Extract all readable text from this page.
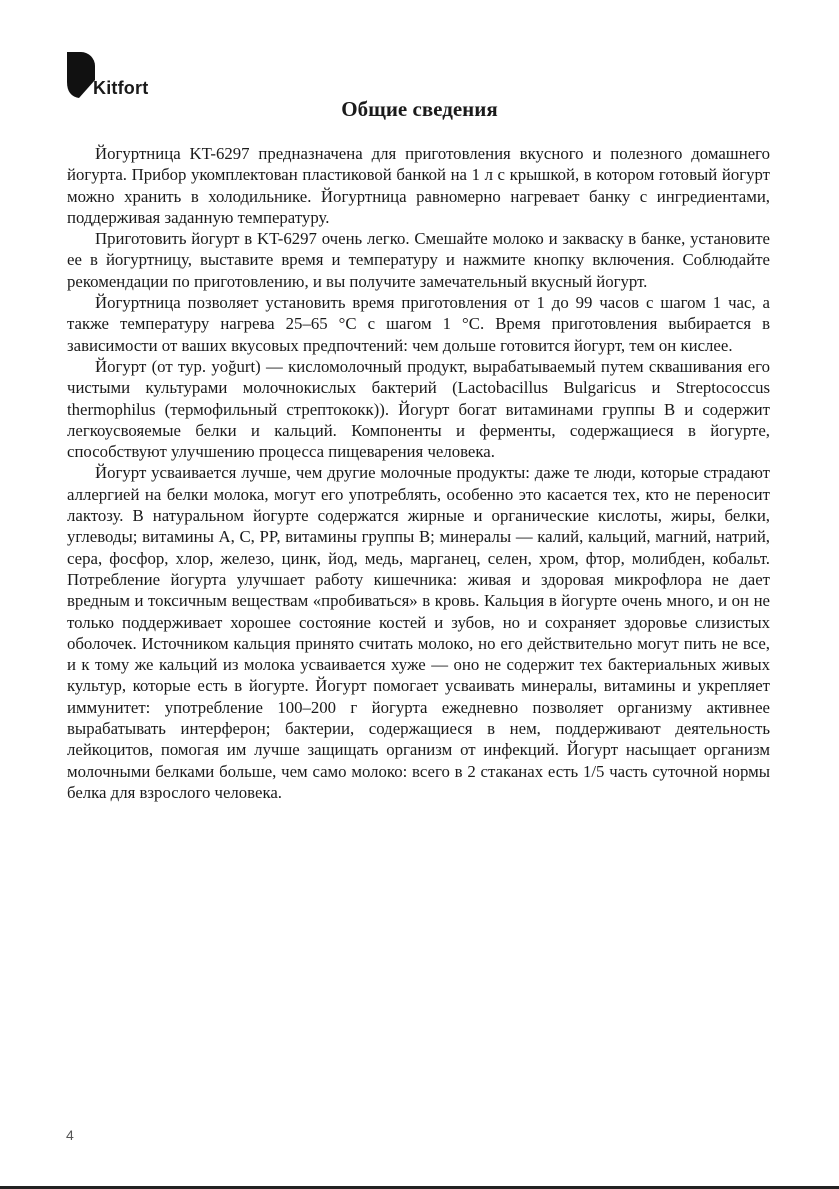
Kitfort
Общие сведения

Йогуртница KT-6297 предназначена для приготовления вкусного и полезного домашнего йогурта. Прибор укомплектован пластиковой банкой на 1 л с крышкой, в котором готовый йогурт можно хранить в холодильнике. Йогуртница равномерно нагревает банку с ингредиентами, поддерживая заданную температуру.

Приготовить йогурт в KT-6297 очень легко. Смешайте молоко и закваску в банке, установите ее в йогуртницу, выставите время и температуру и нажмите кнопку включения. Соблюдайте рекомендации по приготовлению, и вы получите замечательный вкусный йогурт.

Йогуртница позволяет установить время приготовления от 1 до 99 часов с шагом 1 час, а также температуру нагрева 25–65 °C с шагом 1 °C. Время приготовления выбирается в зависимости от ваших вкусовых предпочтений: чем дольше готовится йогурт, тем он кислее.

Йогурт (от тур. yoğurt) — кисломолочный продукт, вырабатываемый путем сквашивания его чистыми культурами молочнокислых бактерий (Lactobacillus Bulgaricus и Streptococcus thermophilus (термофильный стрептококк)). Йогурт богат витаминами группы B и содержит легкоусвояемые белки и кальций. Компоненты и ферменты, содержащиеся в йогурте, способствуют улучшению процесса пищеварения человека.

Йогурт усваивается лучше, чем другие молочные продукты: даже те люди, которые страдают аллергией на белки молока, могут его употреблять, особенно это касается тех, кто не переносит лактозу. В натуральном йогурте содержатся жирные и органические кислоты, жиры, белки, углеводы; витамины A, C, PP, витамины группы B; минералы — калий, кальций, магний, натрий, сера, фосфор, хлор, железо, цинк, йод, медь, марганец, селен, хром, фтор, молибден, кобальт. Потребление йогурта улучшает работу кишечника: живая и здоровая микрофлора не дает вредным и токсичным веществам «пробиваться» в кровь. Кальция в йогурте очень много, и он не только поддерживает хорошее состояние костей и зубов, но и сохраняет здоровье слизистых оболочек. Источником кальция принято считать молоко, но его действительно могут пить не все, и к тому же кальций из молока усваивается хуже — оно не содержит тех бактериальных живых культур, которые есть в йогурте. Йогурт помогает усваивать минералы, витамины и укрепляет иммунитет: употребление 100–200 г йогурта ежедневно позволяет организму активнее вырабатывать интерферон; бактерии, содержащиеся в нем, поддерживают деятельность лейкоцитов, помогая им лучше защищать организм от инфекций. Йогурт насыщает организм молочными белками больше, чем само молоко: всего в 2 стаканах есть 1/5 часть суточной нормы белка для взрослого человека.

4
